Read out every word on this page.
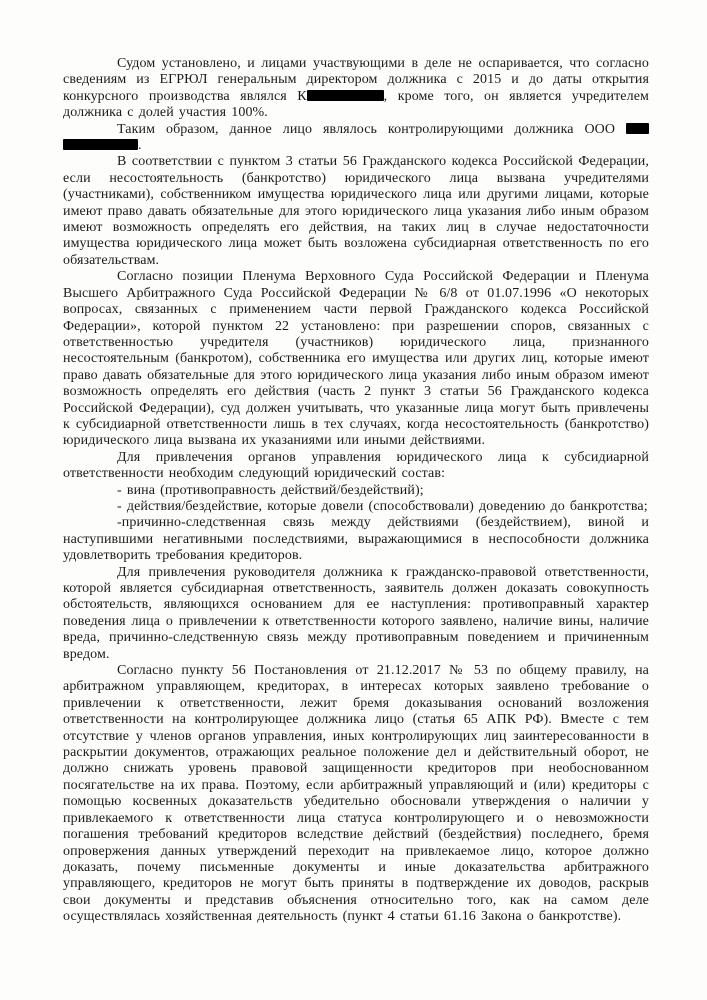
Судом установлено, и лицами участвующими в деле не оспаривается, что согласно сведениям из ЕГРЮЛ генеральным директором должника с 2015 и до даты открытия конкурсного производства являлся К	, кроме того, он является учредителем должника с долей участия 100%.

Таким образом, данное лицо являлось контролирующими должника ООО  .

В соответствии с пунктом 3 статьи 56 Гражданского кодекса Российской Федерации, если несостоятельность (банкротство) юридического лица вызвана учредителями (участниками), собственником имущества юридического лица или другими лицами, которые имеют право давать обязательные для этого юридического лица указания либо иным образом имеют возможность определять его действия, на таких лиц в случае недостаточности имущества юридического лица может быть возложена субсидиарная ответственность по его обязательствам.

Согласно позиции Пленума Верховного Суда Российской Федерации и Пленума Высшего Арбитражного Суда Российской Федерации № 6/8 от 01.07.1996 «О некоторых вопросах, связанных с применением части первой Гражданского кодекса Российской Федерации», которой пунктом 22 установлено: при разрешении споров, связанных с ответственностью учредителя (участников) юридического лица, признанного несостоятельным (банкротом), собственника его имущества или других лиц, которые имеют право давать обязательные для этого юридического лица указания либо иным образом имеют возможность определять его действия (часть 2 пункт 3 статьи 56 Гражданского кодекса Российской Федерации), суд должен учитывать, что указанные лица могут быть привлечены к субсидиарной ответственности лишь в тех случаях, когда несостоятельность (банкротство) юридического лица вызвана их указаниями или иными действиями.

Для привлечения органов управления юридического лица к субсидиарной ответственности необходим следующий юридический состав:

- вина (противоправность действий/бездействий);

- действия/бездействие, которые довели (способствовали) доведению до банкротства;

-причинно-следственная связь между действиями (бездействием), виной и наступившими негативными последствиями, выражающимися в неспособности должника удовлетворить требования кредиторов.

Для привлечения руководителя должника к гражданско-правовой ответственности, которой является субсидиарная ответственность, заявитель должен доказать совокупность обстоятельств, являющихся основанием для ее наступления: противоправный характер поведения лица о привлечении к ответственности которого заявлено, наличие вины, наличие вреда, причинно-следственную связь между противоправным поведением и причиненным вредом.

Согласно пункту 56 Постановления от 21.12.2017 № 53 по общему правилу, на арбитражном управляющем, кредиторах, в интересах которых заявлено требование о привлечении к ответственности, лежит бремя доказывания оснований возложения ответственности на контролирующее должника лицо (статья 65 АПК РФ). Вместе с тем отсутствие у членов органов управления, иных контролирующих лиц заинтересованности в раскрытии документов, отражающих реальное положение дел и действительный оборот, не должно снижать уровень правовой защищенности кредиторов при необоснованном посягательстве на их права. Поэтому, если арбитражный управляющий и (или) кредиторы с помощью косвенных доказательств убедительно обосновали утверждения о наличии у привлекаемого к ответственности лица статуса контролирующего и о невозможности погашения требований кредиторов вследствие действий (бездействия) последнего, бремя опровержения данных утверждений переходит на привлекаемое лицо, которое должно доказать, почему письменные документы и иные доказательства арбитражного управляющего, кредиторов не могут быть приняты в подтверждение их доводов, раскрыв свои документы и представив объяснения относительно того, как на самом деле осуществлялась хозяйственная деятельность (пункт 4 статьи 61.16 Закона о банкротстве).
